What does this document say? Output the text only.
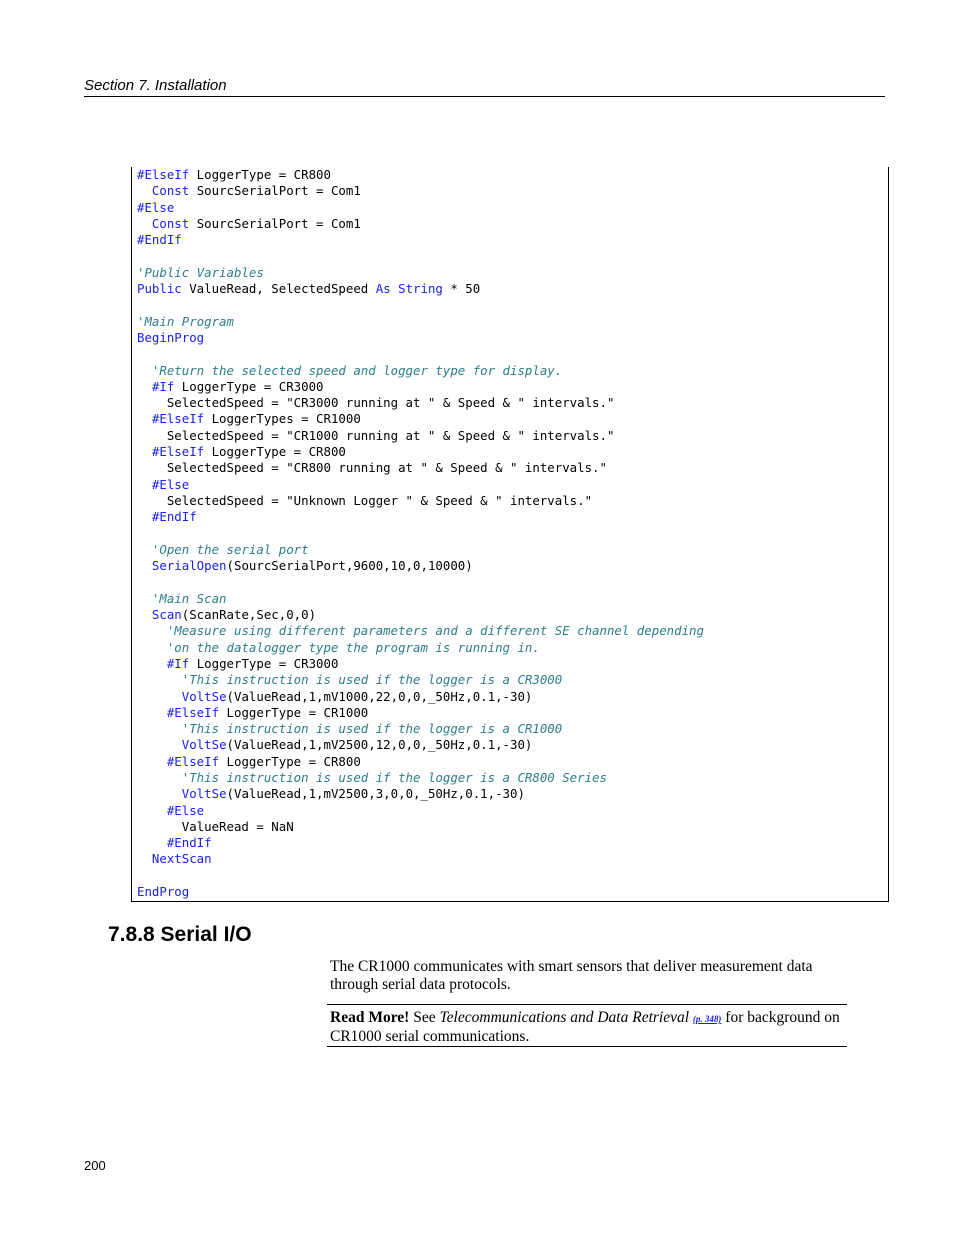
Section 7. Installation
#ElseIf LoggerType = CR800
Const SourcSerialPort = Com1
#Else
Const SourcSerialPort = Com1
#EndIf

'Public Variables
Public ValueRead, SelectedSpeed As String * 50

'Main Program
BeginProg

'Return the selected speed and logger type for display.
#If LoggerType = CR3000
SelectedSpeed = "CR3000 running at " & Speed & " intervals."
#ElseIf LoggerTypes = CR1000
SelectedSpeed = "CR1000 running at " & Speed & " intervals."
#ElseIf LoggerType = CR800
SelectedSpeed = "CR800 running at " & Speed & " intervals."
#Else
SelectedSpeed = "Unknown Logger " & Speed & " intervals."
#EndIf

'Open the serial port
SerialOpen(SourcSerialPort,9600,10,0,10000)

'Main Scan
Scan(ScanRate,Sec,0,0)
'Measure using different parameters and a different SE channel depending
'on the datalogger type the program is running in.
#If LoggerType = CR3000
'This instruction is used if the logger is a CR3000
VoltSe(ValueRead,1,mV1000,22,0,0,_50Hz,0.1,-30)
#ElseIf LoggerType = CR1000
'This instruction is used if the logger is a CR1000
VoltSe(ValueRead,1,mV2500,12,0,0,_50Hz,0.1,-30)
#ElseIf LoggerType = CR800
'This instruction is used if the logger is a CR800 Series
VoltSe(ValueRead,1,mV2500,3,0,0,_50Hz,0.1,-30)
#Else
ValueRead = NaN
#EndIf
NextScan

EndProg
7.8.8 Serial I/O
The CR1000 communicates with smart sensors that deliver measurement data through serial data protocols.
Read More! See Telecommunications and Data Retrieval (p. 348) for background on CR1000 serial communications.
200
